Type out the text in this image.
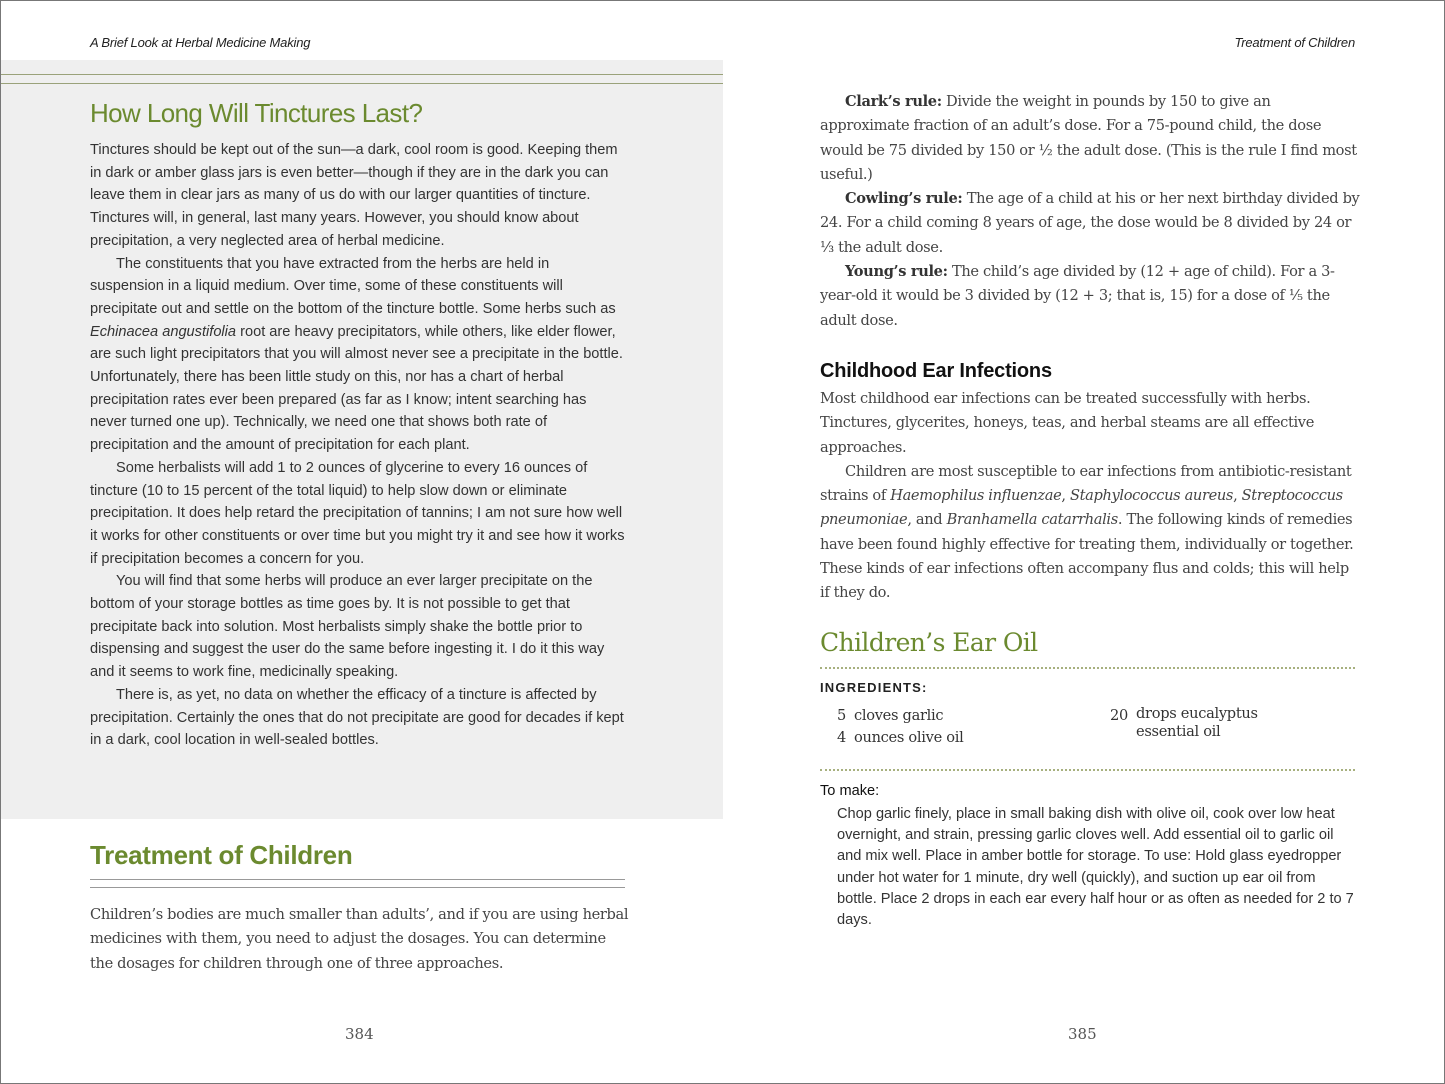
A Brief Look at Herbal Medicine Making	Treatment of Children
How Long Will Tinctures Last?

Tinctures should be kept out of the sun—a dark, cool room is good. Keeping them in dark or amber glass jars is even better—though if they are in the dark you can leave them in clear jars as many of us do with our larger quantities of tincture. Tinctures will, in general, last many years. However, you should know about precipitation, a very neglected area of herbal medicine.

The constituents that you have extracted from the herbs are held in suspension in a liquid medium. Over time, some of these constituents will precipitate out and settle on the bottom of the tincture bottle. Some herbs such as Echinacea angustifolia root are heavy precipitators, while others, like elder flower, are such light precipitators that you will almost never see a precipitate in the bottle. Unfortunately, there has been little study on this, nor has a chart of herbal precipitation rates ever been prepared (as far as I know; intent searching has never turned one up). Technically, we need one that shows both rate of precipitation and the amount of precipitation for each plant.

Some herbalists will add 1 to 2 ounces of glycerine to every 16 ounces of tincture (10 to 15 percent of the total liquid) to help slow down or eliminate precipitation. It does help retard the precipitation of tannins; I am not sure how well it works for other constituents or over time but you might try it and see how it works if precipitation becomes a concern for you.

You will find that some herbs will produce an ever larger precipitate on the bottom of your storage bottles as time goes by. It is not possible to get that precipitate back into solution. Most herbalists simply shake the bottle prior to dispensing and suggest the user do the same before ingesting it. I do it this way and it seems to work fine, medicinally speaking.

There is, as yet, no data on whether the efficacy of a tincture is affected by precipitation. Certainly the ones that do not precipitate are good for decades if kept in a dark, cool location in well-sealed bottles.

Treatment of Children

Children’s bodies are much smaller than adults’, and if you are using herbal medicines with them, you need to adjust the dosages. You can determine the dosages for children through one of three approaches.

384

Clark’s rule: Divide the weight in pounds by 150 to give an approximate fraction of an adult’s dose. For a 75-pound child, the dose would be 75 divided by 150 or ½ the adult dose. (This is the rule I find most useful.)

Cowling’s rule: The age of a child at his or her next birthday divided by 24. For a child coming 8 years of age, the dose would be 8 divided by 24 or ⅓ the adult dose.

Young’s rule: The child’s age divided by (12 + age of child). For a 3-year-old it would be 3 divided by (12 + 3; that is, 15) for a dose of ⅕ the adult dose.

Childhood Ear Infections

Most childhood ear infections can be treated successfully with herbs. Tinctures, glycerites, honeys, teas, and herbal steams are all effective approaches.

Children are most susceptible to ear infections from antibiotic-resistant strains of Haemophilus influenzae, Staphylococcus aureus, Streptococcus pneumoniae, and Branhamella catarrhalis. The following kinds of remedies have been found highly effective for treating them, individually or together. These kinds of ear infections often accompany flus and colds; this will help if they do.

Children’s Ear Oil
INGREDIENTS:
5 cloves garlic
4 ounces olive oil
20 drops eucalyptus essential oil
To make:

Chop garlic finely, place in small baking dish with olive oil, cook over low heat overnight, and strain, pressing garlic cloves well. Add essential oil to garlic oil and mix well. Place in amber bottle for storage. To use: Hold glass eyedropper under hot water for 1 minute, dry well (quickly), and suction up ear oil from bottle. Place 2 drops in each ear every half hour or as often as needed for 2 to 7 days.

385
